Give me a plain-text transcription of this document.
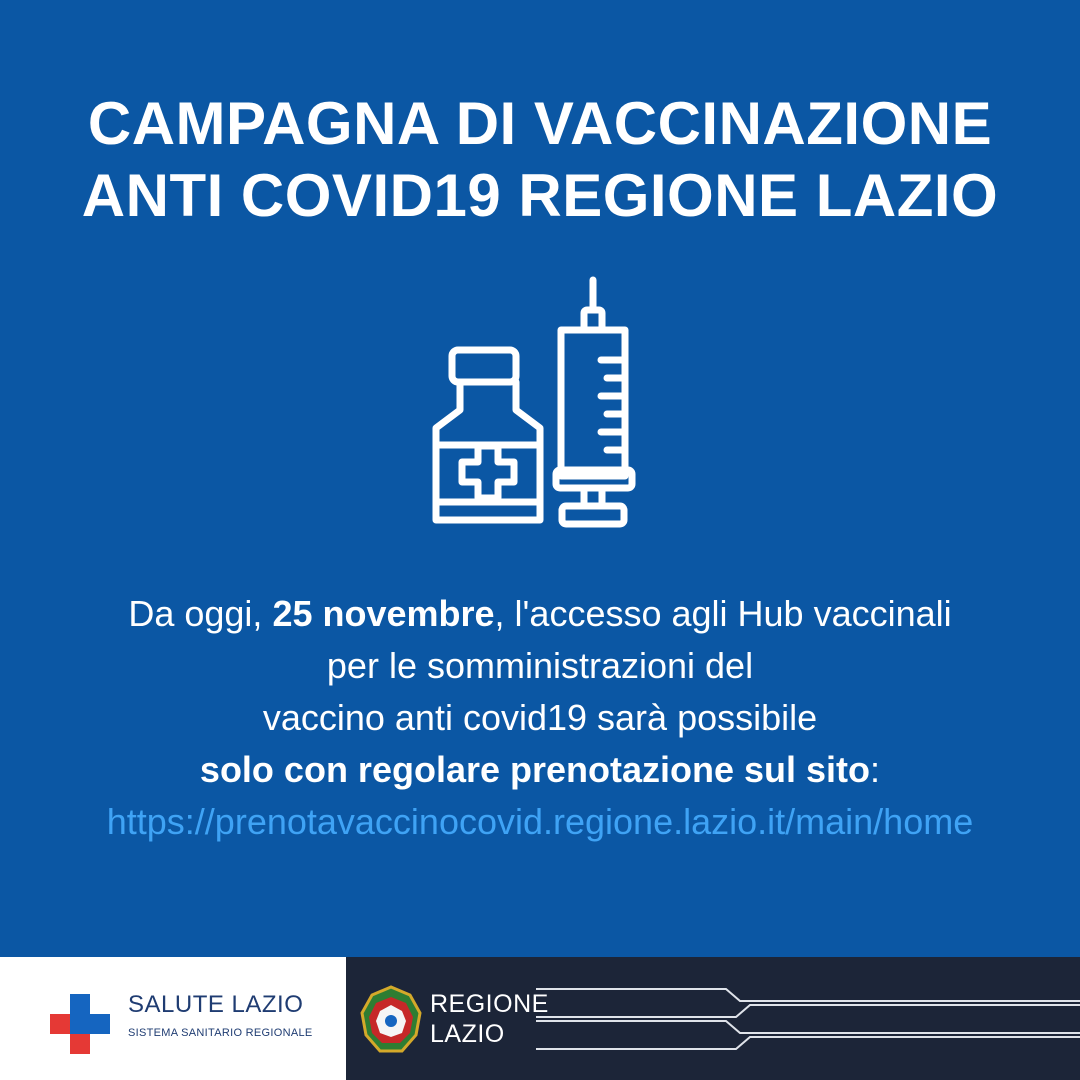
CAMPAGNA DI VACCINAZIONE
ANTI COVID19 REGIONE LAZIO
Da oggi, 25 novembre, l'accesso agli Hub vaccinali
per le somministrazioni del
vaccino anti covid19 sarà possibile
solo con regolare prenotazione sul sito:
https://prenotavaccinocovid.regione.lazio.it/main/home
SALUTE LAZIO
SISTEMA SANITARIO REGIONALE
REGIONE
LAZIO
